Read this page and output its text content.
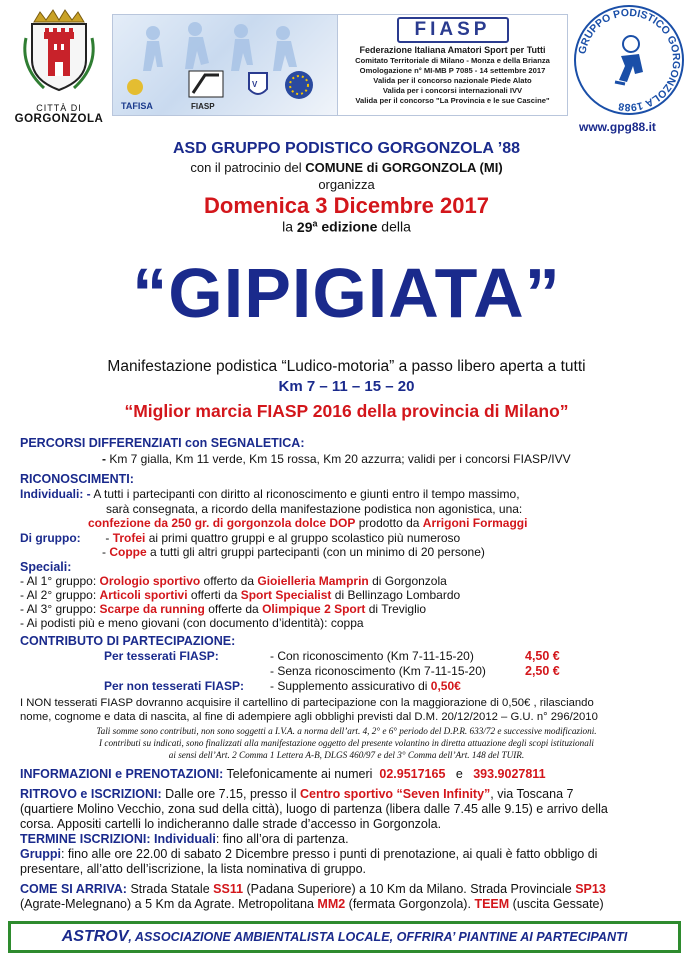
CITTÀ DI
GORGONZOLA
TAFISA	FIASP
V
FIASP
Federazione Italiana Amatori Sport per Tutti
Comitato Territoriale di Milano - Monza e della Brianza
Omologazione n° MI-MB P 7085 - 14 settembre 2017
Valida per il concorso nazionale Piede Alato
Valida per i concorsi internazionali IVV
Valida per il concorso "La Provincia e le sue Cascine"
GRUPPO PODISTICO GORGONZOLA 1988
www.gpg88.it
ASD GRUPPO PODISTICO GORGONZOLA ’88
con il patrocinio del COMUNE di GORGONZOLA (MI)
organizza
Domenica 3 Dicembre 2017
la 29$^a$ edizione della
“GIPIGIATA”
Manifestazione podistica “Ludico-motoria” a passo libero aperta a tutti
Km 7 – 11 – 15 – 20
“Miglior marcia FIASP 2016 della provincia di Milano”
PERCORSI DIFFERENZIATI con SEGNALETICA:
- Km 7 gialla, Km 11 verde, Km 15 rossa, Km 20 azzurra; validi per i concorsi FIASP/IVV
RICONOSCIMENTI:
Individuali: - A tutti i partecipanti con diritto al riconoscimento e giunti entro il tempo massimo,
sarà consegnata, a ricordo della manifestazione podistica non agonistica, una:
confezione da 250 gr. di gorgonzola dolce DOP prodotto da Arrigoni Formaggi
Di gruppo: - Trofei ai primi quattro gruppi e al gruppo scolastico più numeroso
- Coppe a tutti gli altri gruppi partecipanti (con un minimo di 20 persone)
Speciali:
- Al 1° gruppo: Orologio sportivo offerto da Gioielleria Mamprin di Gorgonzola
- Al 2° gruppo: Articoli sportivi offerti da Sport Specialist di Bellinzago Lombardo
- Al 3° gruppo: Scarpe da running offerte da Olimpique 2 Sport di Treviglio
- Ai podisti più e meno giovani (con documento d’identità): coppa
CONTRIBUTO DI PARTECIPAZIONE:
Per tesserati FIASP:	- Con riconoscimento (Km 7-11-15-20)	4,50 €
- Senza riconoscimento (Km 7-11-15-20)	2,50 €
Per non tesserati FIASP: - Supplemento assicurativo di 0,50€
I NON tesserati FIASP dovranno acquisire il cartellino di partecipazione con la maggiorazione di 0,50€ , rilasciando
nome, cognome e data di nascita, al fine di adempiere agli obblighi previsti dal D.M. 20/12/2012 – G.U. n° 296/2010
Tali somme sono contributi, non sono soggetti a I.V.A. a norma dell’art. 4, 2° e 6° periodo del D.P.R. 633/72 e successive modificazioni.
I contributi su indicati, sono finalizzati alla manifestazione oggetto del presente volantino in diretta attuazione degli scopi istituzionali
ai sensi dell’Art. 2 Comma 1 Lettera A-B, DLGS 460/97 e del 3° Comma dell’Art. 148 del TUIR.
INFORMAZIONI e PRENOTAZIONI: Telefonicamente ai numeri 02.9517165 e 393.9027811
RITROVO e ISCRIZIONI: Dalle ore 7.15, presso il Centro sportivo “Seven Infinity”, via Toscana 7
(quartiere Molino Vecchio, zona sud della città), luogo di partenza (libera dalle 7.45 alle 9.15) e arrivo della
corsa. Appositi cartelli lo indicheranno dalle strade d’accesso in Gorgonzola.
TERMINE ISCRIZIONI: Individuali: fino all’ora di partenza.
Gruppi: fino alle ore 22.00 di sabato 2 Dicembre presso i punti di prenotazione, ai quali è fatto obbligo di
presentare, all’atto dell’iscrizione, la lista nominativa di gruppo.
COME SI ARRIVA: Strada Statale SS11 (Padana Superiore) a 10 Km da Milano. Strada Provinciale SP13
(Agrate-Melegnano) a 5 Km da Agrate. Metropolitana MM2 (fermata Gorgonzola). TEEM (uscita Gessate)
ASTROV, ASSOCIAZIONE AMBIENTALISTA LOCALE, OFFRIRA’ PIANTINE AI PARTECIPANTI
